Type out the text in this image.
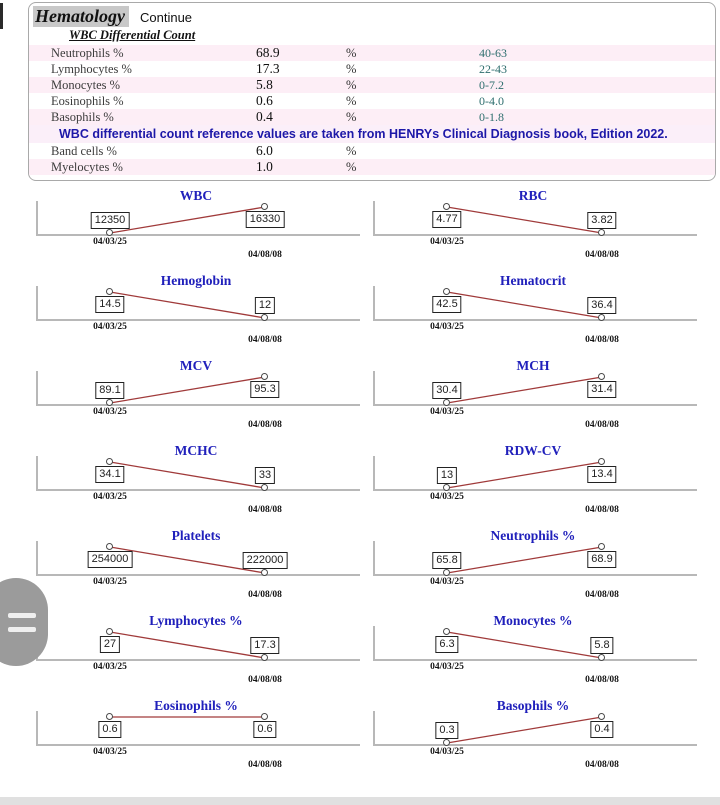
Hematology Continue
WBC Differential Count
Neutrophils %	68.9	%	40-63
Lymphocytes %	17.3	%	22-43
Monocytes %	5.8	%	0-7.2
Eosinophils %	0.6	%	0-4.0
Basophils %	0.4	%	0-1.8
WBC differential count reference values are taken from HENRYs Clinical Diagnosis book, Edition 2022.
Band cells %	6.0	%
Myelocytes %	1.0	%
WBC
12350	16330
04/03/25
04/08/08
RBC
4.77	3.82
04/03/25
04/08/08
Hemoglobin
14.5	12
04/03/25
04/08/08
Hematocrit
42.5	36.4
04/03/25
04/08/08
MCV
89.1	95.3
04/03/25
04/08/08
MCH
30.4	31.4
04/03/25
04/08/08
MCHC
34.1	33
04/03/25
04/08/08
RDW-CV
13	13.4
04/03/25
04/08/08
Platelets
254000	222000
04/03/25
04/08/08
Neutrophils %
65.8	68.9
04/03/25
04/08/08
Lymphocytes %
27	17.3
04/03/25
04/08/08
Monocytes %
6.3	5.8
04/03/25
04/08/08
Eosinophils %
0.6	0.6
04/03/25
04/08/08
Basophils %
0.3	0.4
04/03/25
04/08/08
